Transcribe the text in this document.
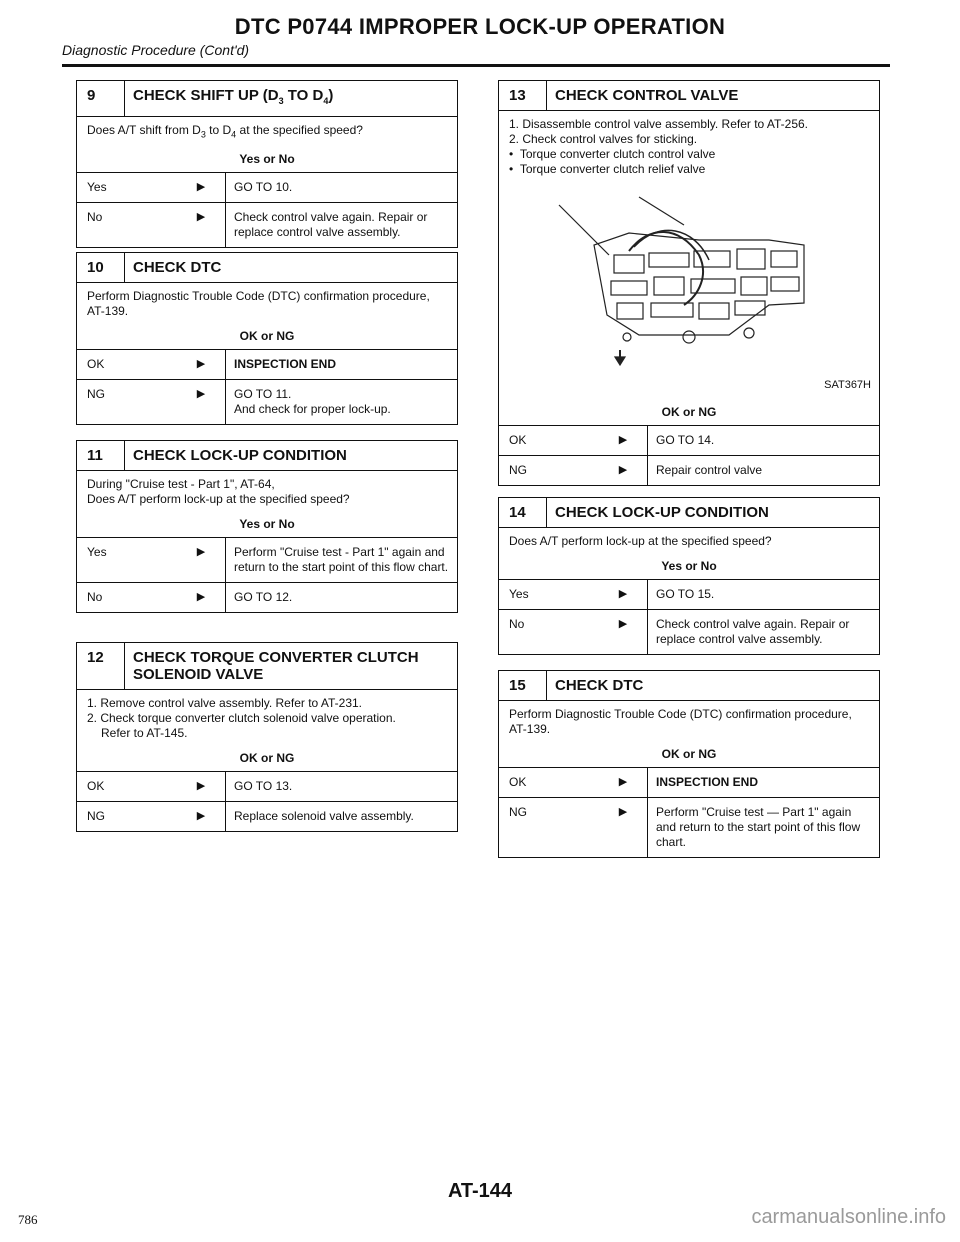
DTC P0744 IMPROPER LOCK-UP OPERATION
Diagnostic Procedure (Cont'd)
9	CHECK SHIFT UP ($D_3$ TO $D_4$)

Does A/T shift from $D_3$ to $D_4$ at the specified speed?

Yes or No
Yes	▶	GO TO 10.
No	▶	Check control valve again. Repair or replace control valve assembly.
10	CHECK DTC

Perform Diagnostic Trouble Code (DTC) confirmation procedure, AT-139.

OK or NG
OK	▶	INSPECTION END
NG	▶	GO TO 11.
And check for proper lock-up.
11	CHECK LOCK-UP CONDITION

During "Cruise test - Part 1", AT-64,

Does A/T perform lock-up at the specified speed?

Yes or No
Yes	▶	Perform "Cruise test - Part 1" again and return to the start point of this flow chart.
No	▶	GO TO 12.
12	CHECK TORQUE CONVERTER CLUTCH SOLENOID VALVE

1. Remove control valve assembly. Refer to AT-231.

2. Check torque converter clutch solenoid valve operation.

Refer to AT-145.

OK or NG
OK	▶	GO TO 13.
NG	▶	Replace solenoid valve assembly.
13	CHECK CONTROL VALVE

1. Disassemble control valve assembly. Refer to AT-256.

2. Check control valves for sticking.

•  Torque converter clutch control valve

•  Torque converter clutch relief valve

SAT367H
OK or NG
OK	▶	GO TO 14.
NG	▶	Repair control valve
14	CHECK LOCK-UP CONDITION

Does A/T perform lock-up at the specified speed?

Yes or No
Yes	▶	GO TO 15.
No	▶	Check control valve again. Repair or replace control valve assembly.
15	CHECK DTC

Perform Diagnostic Trouble Code (DTC) confirmation procedure, AT-139.

OK or NG
OK	▶	INSPECTION END
NG	▶	Perform "Cruise test — Part 1" again and return to the start point of this flow chart.
AT-144
786	carmanualsonline.info
